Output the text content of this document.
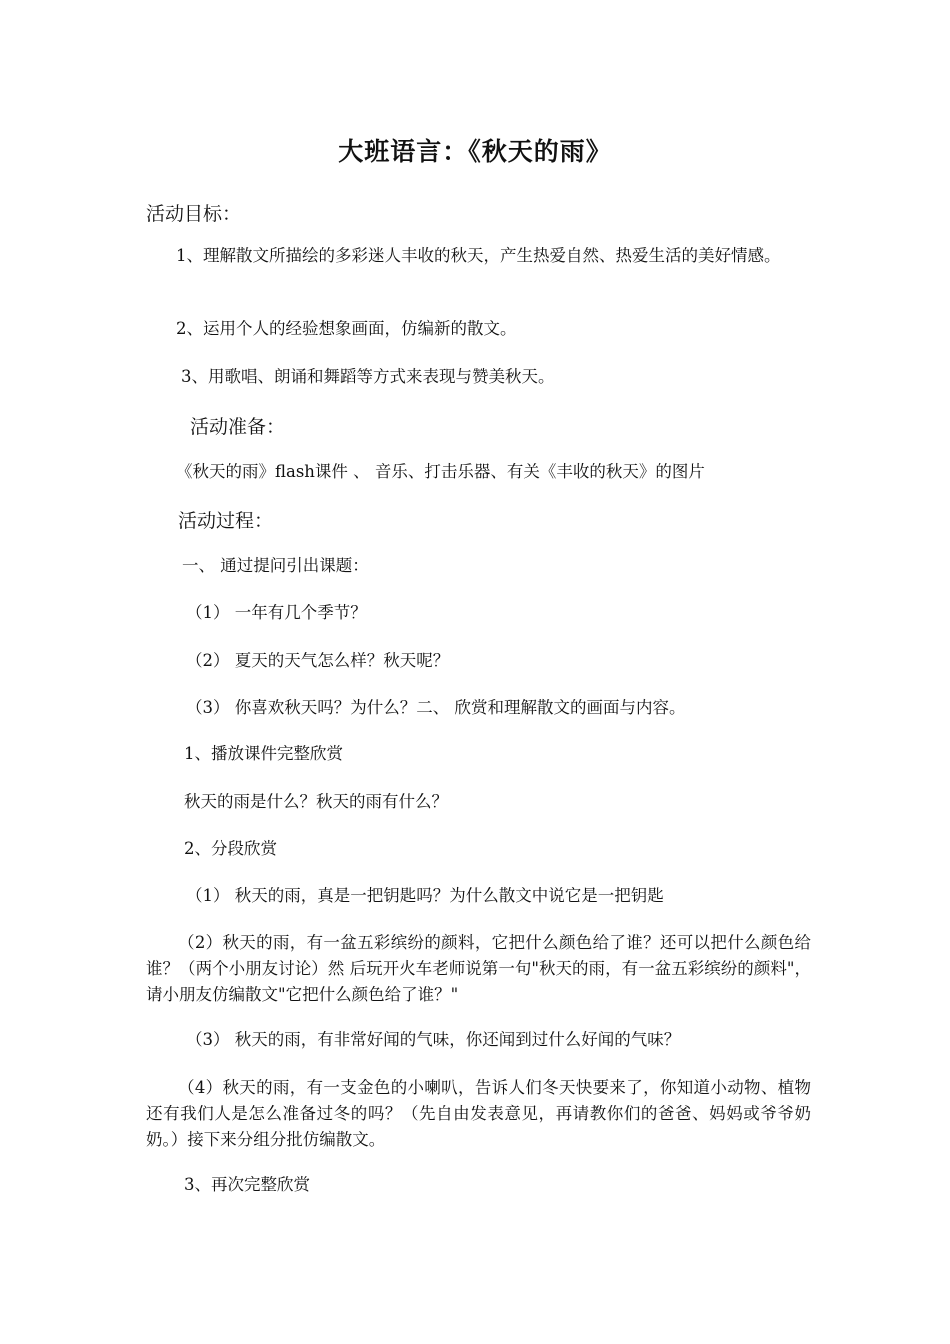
大班语言：《秋天的雨》
活动目标：
1、理解散文所描绘的多彩迷人丰收的秋天，产生热爱自然、热爱生活的美好情感。
2、运用个人的经验想象画面，仿编新的散文。
3、用歌唱、朗诵和舞蹈等方式来表现与赞美秋天。
活动准备：
《秋天的雨》flash课件 、 音乐、打击乐器、有关《丰收的秋天》的图片
活动过程：
一、 通过提问引出课题：
（1） 一年有几个季节？
（2） 夏天的天气怎么样？秋天呢？
（3） 你喜欢秋天吗？为什么？二、 欣赏和理解散文的画面与内容。
1、播放课件完整欣赏
秋天的雨是什么？秋天的雨有什么？
2、分段欣赏
（1） 秋天的雨，真是一把钥匙吗？为什么散文中说它是一把钥匙
（2）秋天的雨，有一盆五彩缤纷的颜料，它把什么颜色给了谁？还可以把什么颜色给谁？（两个小朋友讨论）然 后玩开火车老师说第一句"秋天的雨，有一盆五彩缤纷的颜料"，请小朋友仿编散文"它把什么颜色给了谁？"
（3） 秋天的雨，有非常好闻的气味，你还闻到过什么好闻的气味？
（4）秋天的雨，有一支金色的小喇叭，告诉人们冬天快要来了，你知道小动物、植物还有我们人是怎么准备过冬的吗？（先自由发表意见，再请教你们的爸爸、妈妈或爷爷奶奶。）接下来分组分批仿编散文。
3、再次完整欣赏
